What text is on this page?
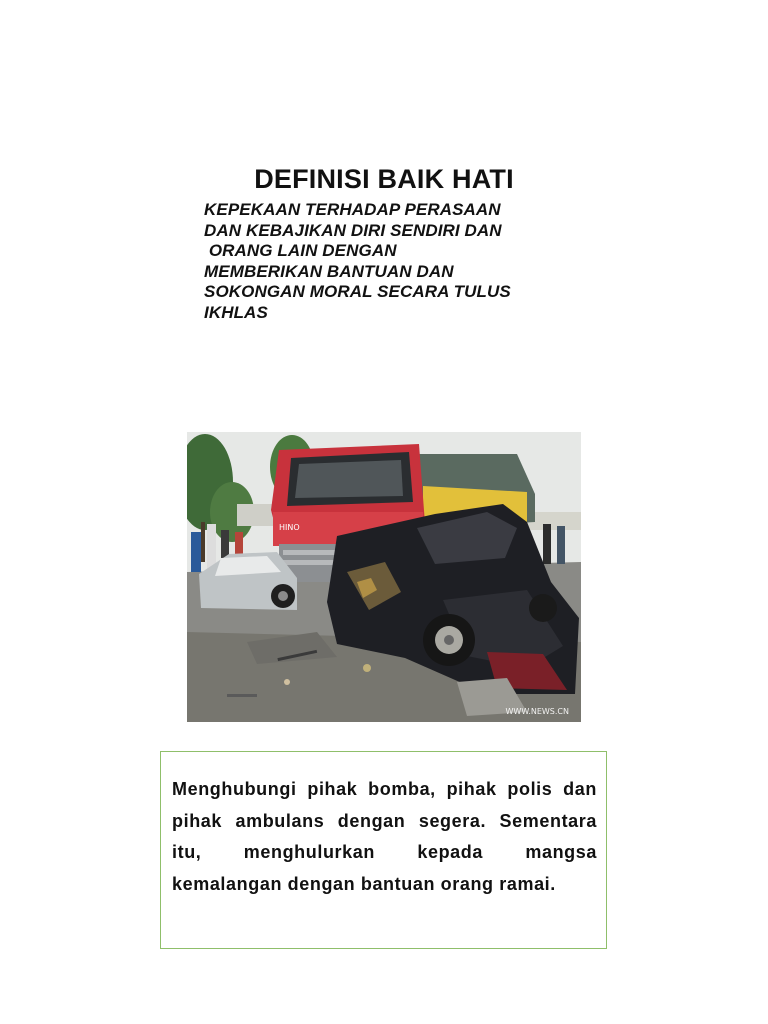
DEFINISI BAIK HATI

KEPEKAAN TERHADAP PERASAAN
DAN KEBAJIKAN DIRI SENDIRI DAN
ORANG LAIN DENGAN
MEMBERIKAN BANTUAN DAN
SOKONGAN MORAL SECARA TULUS
IKHLAS

HINO
WWW.NEWS.CN

Menghubungi pihak bomba, pihak polis dan pihak ambulans dengan segera. Sementara itu, menghulurkan kepada mangsa kemalangan dengan bantuan orang ramai.
